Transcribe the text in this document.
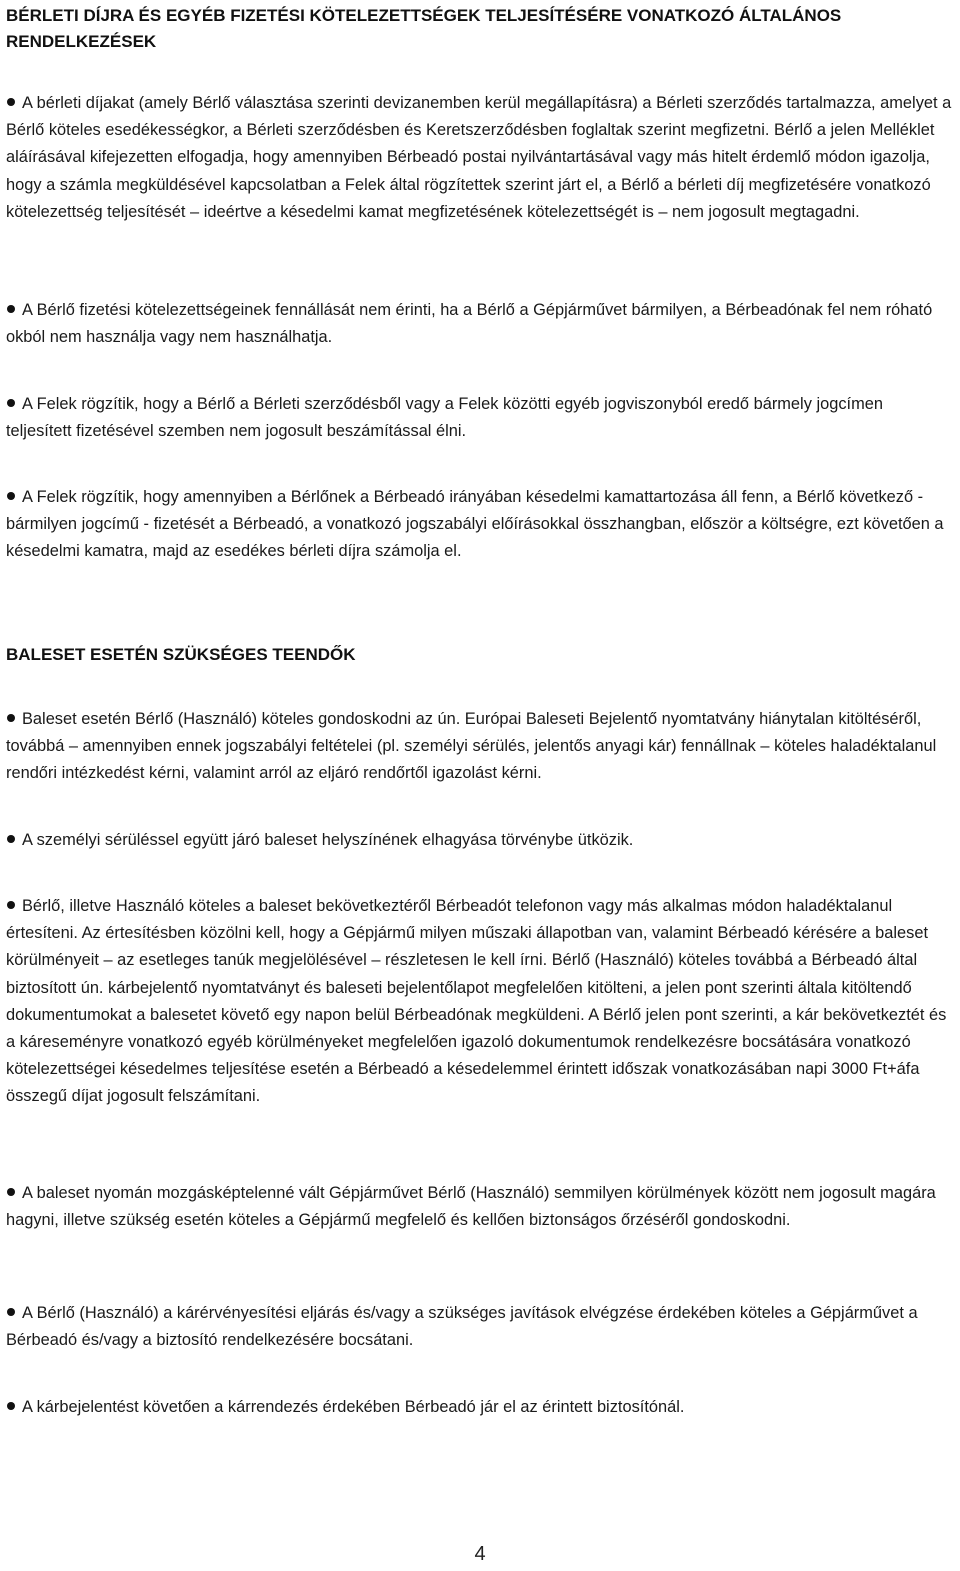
BÉRLETI DÍJRA ÉS EGYÉB FIZETÉSI KÖTELEZETTSÉGEK TELJESÍTÉSÉRE VONATKOZÓ ÁLTALÁNOS RENDELKEZÉSEK

A bérleti díjakat (amely Bérlő választása szerinti devizanemben kerül megállapításra) a Bérleti szerződés tartalmazza, amelyet a Bérlő köteles esedékességkor, a Bérleti szerződésben és Keretszerződésben foglaltak szerint megfizetni. Bérlő a jelen Melléklet aláírásával kifejezetten elfogadja, hogy amennyiben Bérbeadó postai nyilvántartásával vagy más hitelt érdemlő módon igazolja, hogy a számla megküldésével kapcsolatban a Felek által rögzítettek szerint járt el, a Bérlő a bérleti díj megfizetésére vonatkozó kötelezettség teljesítését – ideértve a késedelmi kamat megfizetésének kötelezettségét is – nem jogosult megtagadni.

A Bérlő fizetési kötelezettségeinek fennállását nem érinti, ha a Bérlő a Gépjárművet bármilyen, a Bérbeadónak fel nem róható okból nem használja vagy nem használhatja.

A Felek rögzítik, hogy a Bérlő a Bérleti szerződésből vagy a Felek közötti egyéb jogviszonyból eredő bármely jogcímen teljesített fizetésével szemben nem jogosult beszámítással élni.

A Felek rögzítik, hogy amennyiben a Bérlőnek a Bérbeadó irányában késedelmi kamattartozása áll fenn, a Bérlő következő - bármilyen jogcímű - fizetését a Bérbeadó, a vonatkozó jogszabályi előírásokkal összhangban, először a költségre, ezt követően a késedelmi kamatra, majd az esedékes bérleti díjra számolja el.

BALESET ESETÉN SZÜKSÉGES TEENDŐK

Baleset esetén Bérlő (Használó) köteles gondoskodni az ún. Európai Baleseti Bejelentő nyomtatvány hiánytalan kitöltéséről, továbbá – amennyiben ennek jogszabályi feltételei (pl. személyi sérülés, jelentős anyagi kár) fennállnak – köteles haladéktalanul rendőri intézkedést kérni, valamint arról az eljáró rendőrtől igazolást kérni.

A személyi sérüléssel együtt járó baleset helyszínének elhagyása törvénybe ütközik.

Bérlő, illetve Használó köteles a baleset bekövetkeztéről Bérbeadót telefonon vagy más alkalmas módon haladéktalanul értesíteni. Az értesítésben közölni kell, hogy a Gépjármű milyen műszaki állapotban van, valamint Bérbeadó kérésére a baleset körülményeit – az esetleges tanúk megjelölésével – részletesen le kell írni. Bérlő (Használó) köteles továbbá a Bérbeadó által biztosított ún. kárbejelentő nyomtatványt és baleseti bejelentőlapot megfelelően kitölteni, a jelen pont szerinti általa kitöltendő dokumentumokat a balesetet követő egy napon belül Bérbeadónak megküldeni. A Bérlő jelen pont szerinti, a kár bekövetkeztét és a káreseményre vonatkozó egyéb körülményeket megfelelően igazoló dokumentumok rendelkezésre bocsátására vonatkozó kötelezettségei késedelmes teljesítése esetén a Bérbeadó a késedelemmel érintett időszak vonatkozásában napi 3000 Ft+áfa összegű díjat jogosult felszámítani.

A baleset nyomán mozgásképtelenné vált Gépjárművet Bérlő (Használó) semmilyen körülmények között nem jogosult magára hagyni, illetve szükség esetén köteles a Gépjármű megfelelő és kellően biztonságos őrzéséről gondoskodni.

A Bérlő (Használó) a kárérvényesítési eljárás és/vagy a szükséges javítások elvégzése érdekében köteles a Gépjárművet a Bérbeadó és/vagy a biztosító rendelkezésére bocsátani.

A kárbejelentést követően a kárrendezés érdekében Bérbeadó jár el az érintett biztosítónál.

4
